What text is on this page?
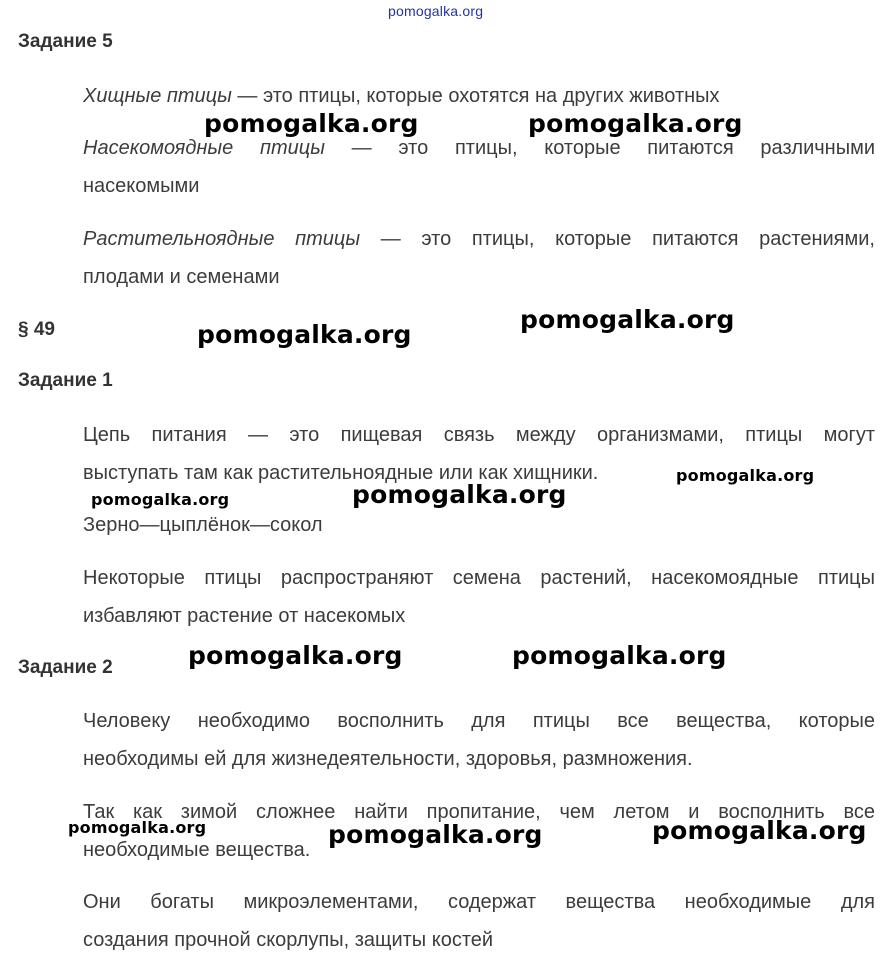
pomogalka.org
Задание 5

Хищные птицы — это птицы, которые охотятся на других животных

Насекомоядные птицы — это птицы, которые питаются различными
насекомыми

Растительноядные птицы — это птицы, которые питаются растениями,
плодами и семенами

§ 49
Задание 1

Цепь питания — это пищевая связь между организмами, птицы могут
выступать там как растительноядные или как хищники.

Зерно—цыплёнок—сокол

Некоторые птицы распространяют семена растений, насекомоядные птицы
избавляют растение от насекомых

Задание 2

Человеку необходимо восполнить для птицы все вещества, которые
необходимы ей для жизнедеятельности, здоровья, размножения.

Так как зимой сложнее найти пропитание, чем летом и восполнить все
необходимые вещества.

Они богаты микроэлементами, содержат вещества необходимые для
создания прочной скорлупы, защиты костей

pomogalka.org	pomogalka.org
pomogalka.org
pomogalka.org
pomogalka.org
pomogalka.org	pomogalka.org
pomogalka.org	pomogalka.org
pomogalka.org	pomogalka.org	pomogalka.org
